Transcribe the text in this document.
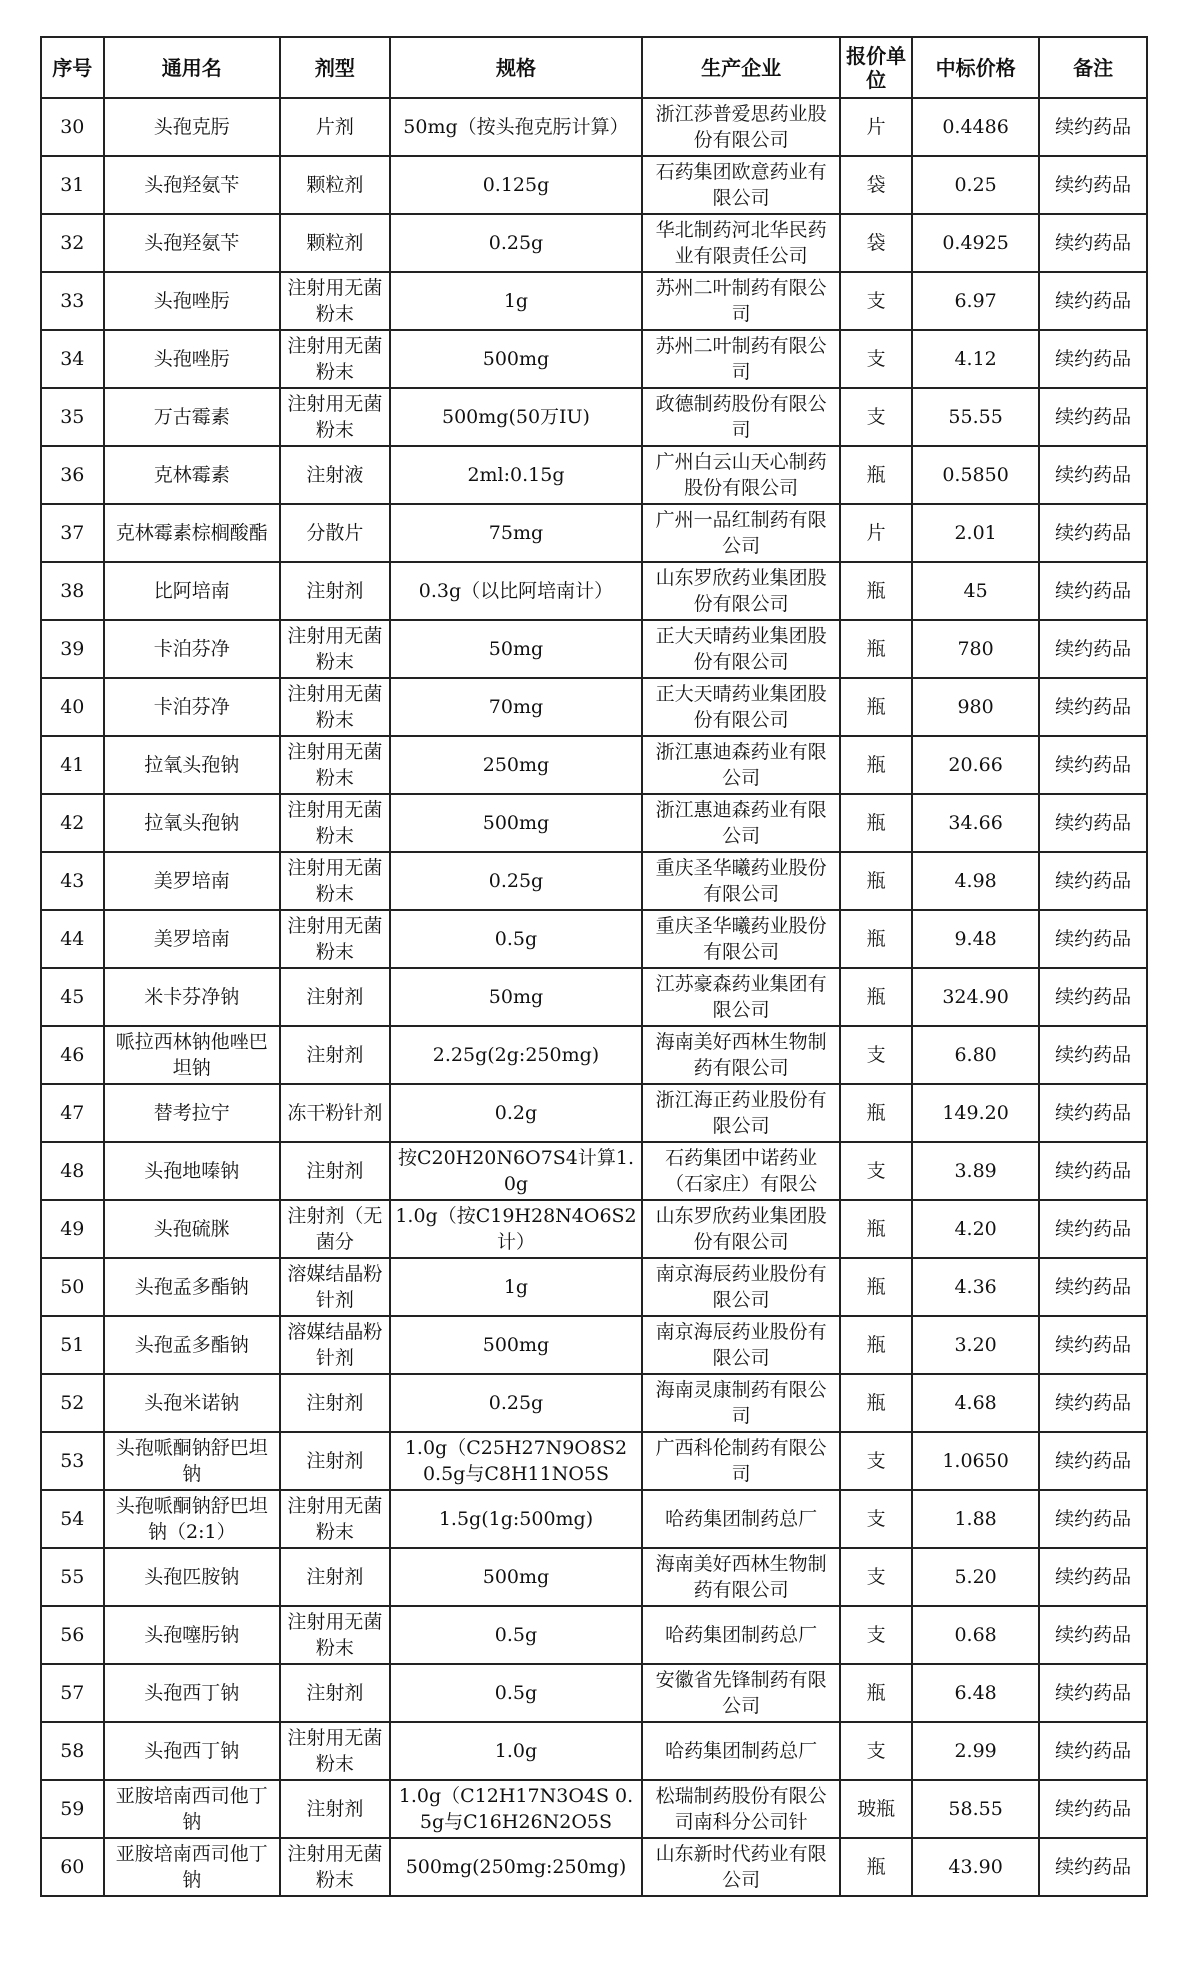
序号	通用名	剂型	规格	生产企业	报价单位	中标价格	备注

30	头孢克肟	片剂	50mg（按头孢克肟计算）	浙江莎普爱思药业股份有限公司	片	0.4486	续约药品

31	头孢羟氨苄	颗粒剂	0.125g	石药集团欧意药业有限公司	袋	0.25	续约药品

32	头孢羟氨苄	颗粒剂	0.25g	华北制药河北华民药业有限责任公司	袋	0.4925	续约药品

33	头孢唑肟	注射用无菌粉末	1g	苏州二叶制药有限公司	支	6.97	续约药品

34	头孢唑肟	注射用无菌粉末	500mg	苏州二叶制药有限公司	支	4.12	续约药品

35	万古霉素	注射用无菌粉末	500mg(50万IU)	政德制药股份有限公司	支	55.55	续约药品

36	克林霉素	注射液	2ml:0.15g	广州白云山天心制药股份有限公司	瓶	0.5850	续约药品

37	克林霉素棕榈酸酯	分散片	75mg	广州一品红制药有限公司	片	2.01	续约药品

38	比阿培南	注射剂	0.3g（以比阿培南计）	山东罗欣药业集团股份有限公司	瓶	45	续约药品

39	卡泊芬净	注射用无菌粉末	50mg	正大天晴药业集团股份有限公司	瓶	780	续约药品

40	卡泊芬净	注射用无菌粉末	70mg	正大天晴药业集团股份有限公司	瓶	980	续约药品

41	拉氧头孢钠	注射用无菌粉末	250mg	浙江惠迪森药业有限公司	瓶	20.66	续约药品

42	拉氧头孢钠	注射用无菌粉末	500mg	浙江惠迪森药业有限公司	瓶	34.66	续约药品

43	美罗培南	注射用无菌粉末	0.25g	重庆圣华曦药业股份有限公司	瓶	4.98	续约药品

44	美罗培南	注射用无菌粉末	0.5g	重庆圣华曦药业股份有限公司	瓶	9.48	续约药品

45	米卡芬净钠	注射剂	50mg	江苏豪森药业集团有限公司	瓶	324.90	续约药品

46	哌拉西林钠他唑巴坦钠	注射剂	2.25g(2g:250mg)	海南美好西林生物制药有限公司	支	6.80	续约药品

47	替考拉宁	冻干粉针剂	0.2g	浙江海正药业股份有限公司	瓶	149.20	续约药品

48	头孢地嗪钠	注射剂	按C20H20N6O7S4计算1.0g	石药集团中诺药业（石家庄）有限公	支	3.89	续约药品

49	头孢硫脒	注射剂（无菌分	1.0g（按C19H28N4O6S2计）	山东罗欣药业集团股份有限公司	瓶	4.20	续约药品

50	头孢孟多酯钠	溶媒结晶粉针剂	1g	南京海辰药业股份有限公司	瓶	4.36	续约药品

51	头孢孟多酯钠	溶媒结晶粉针剂	500mg	南京海辰药业股份有限公司	瓶	3.20	续约药品

52	头孢米诺钠	注射剂	0.25g	海南灵康制药有限公司	瓶	4.68	续约药品

53	头孢哌酮钠舒巴坦钠	注射剂	1.0g（C25H27N9O8S2 0.5g与C8H11NO5S	广西科伦制药有限公司	支	1.0650	续约药品

54	头孢哌酮钠舒巴坦钠（2:1）	注射用无菌粉末	1.5g(1g:500mg)	哈药集团制药总厂	支	1.88	续约药品

55	头孢匹胺钠	注射剂	500mg	海南美好西林生物制药有限公司	支	5.20	续约药品

56	头孢噻肟钠	注射用无菌粉末	0.5g	哈药集团制药总厂	支	0.68	续约药品

57	头孢西丁钠	注射剂	0.5g	安徽省先锋制药有限公司	瓶	6.48	续约药品

58	头孢西丁钠	注射用无菌粉末	1.0g	哈药集团制药总厂	支	2.99	续约药品

59	亚胺培南西司他丁钠	注射剂	1.0g（C12H17N3O4S 0.5g与C16H26N2O5S	松瑞制药股份有限公司南科分公司针	玻瓶	58.55	续约药品

60	亚胺培南西司他丁钠	注射用无菌粉末	500mg(250mg:250mg)	山东新时代药业有限公司	瓶	43.90	续约药品
